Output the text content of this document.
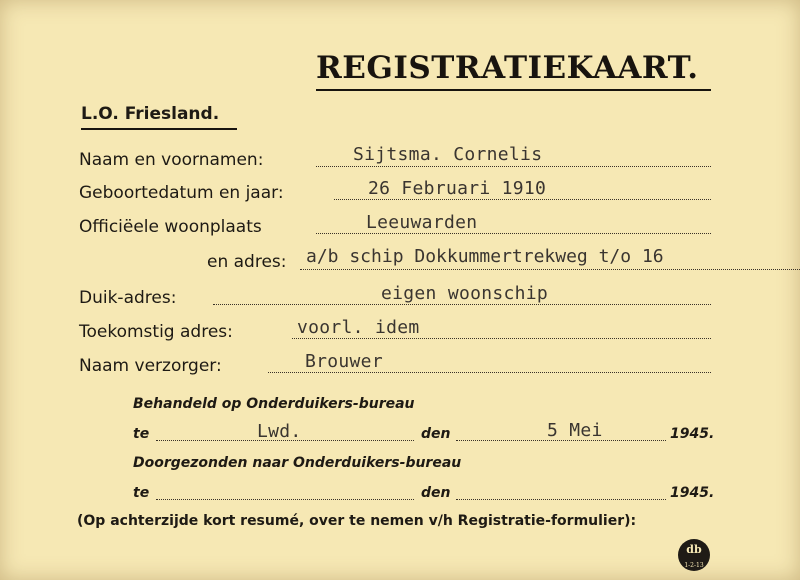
REGISTRATIEKAART.
L.O. Friesland.
Naam en voornamen:	Sijtsma. Cornelis
Geboortedatum en jaar:	26 Februari 1910
Officiëele woonplaats	Leeuwarden
en adres: a/b schip Dokkummertrekweg t/o 16
Duik-adres:	eigen woonschip
Toekomstig adres:	voorl. idem
Naam verzorger:	Brouwer
Behandeld op Onderduikers-bureau
te	Lwd.	den	5 Mei	1945.
Doorgezonden naar Onderduikers-bureau
te	den	1945.
(Op achterzijde kort resumé, over te nemen v/h Registratie-formulier):
db
1-2-13
